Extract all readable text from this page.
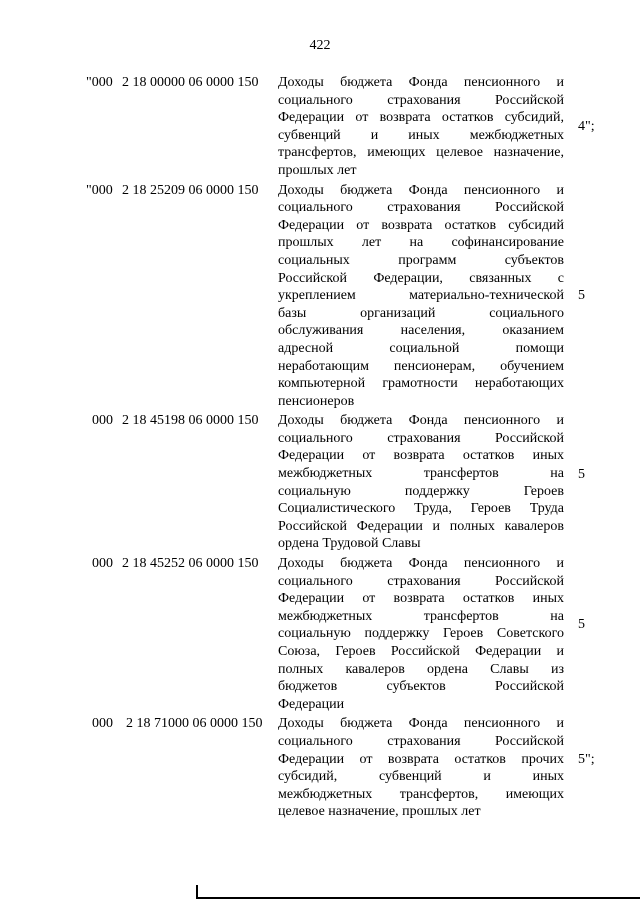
422
"000 2 18 00000 06 0000 150	Доходы бюджета Фонда пенсионного и
социального страхования Российской
Федерации от возврата остатков субсидий,
субвенций и иных межбюджетных
трансфертов, имеющих целевое назначение,
прошлых лет
4";
"000 2 18 25209 06 0000 150	Доходы бюджета Фонда пенсионного и
социального страхования Российской
Федерации от возврата остатков субсидий
прошлых лет на софинансирование
социальных программ субъектов
Российской Федерации, связанных с
укреплением материально-технической
базы организаций социального
обслуживания населения, оказанием
адресной социальной помощи
неработающим пенсионерам, обучением
компьютерной грамотности неработающих
пенсионеров
5
000 2 18 45198 06 0000 150	Доходы бюджета Фонда пенсионного и
социального страхования Российской
Федерации от возврата остатков иных
межбюджетных трансфертов на
социальную поддержку Героев
Социалистического Труда, Героев Труда
Российской Федерации и полных кавалеров
ордена Трудовой Славы
5
000 2 18 45252 06 0000 150	Доходы бюджета Фонда пенсионного и
социального страхования Российской
Федерации от возврата остатков иных
межбюджетных трансфертов на
социальную поддержку Героев Советского
Союза, Героев Российской Федерации и
полных кавалеров ордена Славы из
бюджетов субъектов Российской
Федерации
5
000 2 18 71000 06 0000 150	Доходы бюджета Фонда пенсионного и
социального страхования Российской
Федерации от возврата остатков прочих
субсидий, субвенций и иных
межбюджетных трансфертов, имеющих
целевое назначение, прошлых лет
5";
